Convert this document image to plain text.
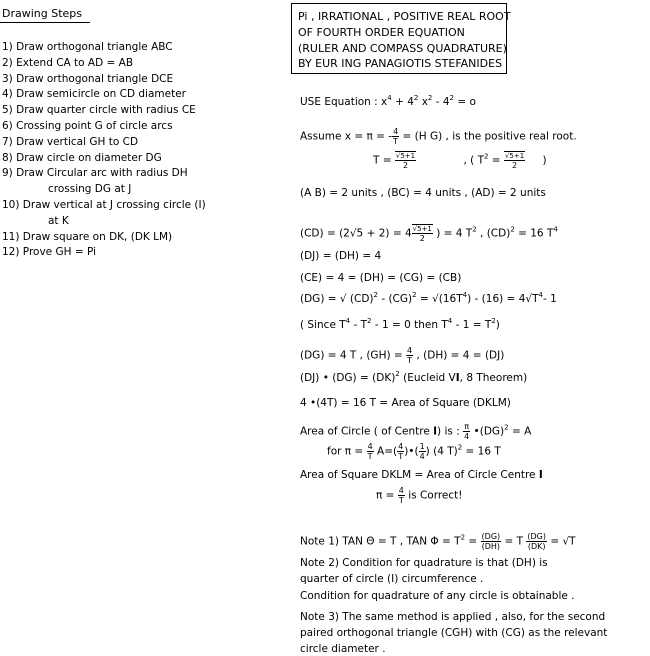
Drawing Steps
1) Draw orthogonal triangle ABC
2) Extend CA to AD = AB
3) Draw orthogonal triangle DCE
4) Draw semicircle on CD diameter
5) Draw quarter circle with radius CE
6) Crossing point G of circle arcs
7) Draw vertical GH to CD
8) Draw circle on diameter DG
9) Draw Circular arc with radius DH
crossing DG at J
10) Draw vertical at J crossing circle (I)
at K
11) Draw square on DK, (DK LM)
12) Prove GH = Pi
Pi , IRRATIONAL , POSITIVE REAL ROOT
OF FOURTH ORDER EQUATION
(RULER AND COMPASS QUADRATURE)
BY EUR ING PANAGIOTIS STEFANIDES
USE Equation : $x^4 + 4^2$ $x^2 - 4^2 = o$
Assume x = π = - $\frac{4}{T} = (H$ G) , is the positive real root.
$T = \frac{√5+1}{2}$	, ( $T^2 = \frac{√5+1}{2}$ )
(A B) = 2 units , (BC) = 4 units , (AD) = 2 units
$(CD) = (2√5 + 2) = 4 \frac{√5+1}{2}$ ) = 4 $T^2$ , (CD)$^2$ = 16 $T^4$
(DJ) = (DH) = 4
(CE) = 4 = (DH) = (CG) = (CB)
(DG) = √ $(CD)^2 - (CG)^2 = √(16T^4) - (16) = 4√T^4-$ 1
( Since $T^4 - T^2 - 1 = 0$ then $T^4 - 1 = T^2$)
(DG) = 4 T , $(GH) = \frac{4}{T}$ , (DH) = 4 = (DJ)
(DJ) • (DG) = (DK)$^2$ (Eucleid VI, 8 Theorem)
4 •(4T) = 16 T = Area of Square (DKLM)
Area of Circle ( of Centre I) is : $\frac{\pi}{4}$ •(DG)$^2$ = A
for $\pi = \frac{4}{T} A=( \frac{4}{T}$ )•( $\frac{1}{4}$ ) (4 T)$^2$ = 16 T
Area of Square DKLM = Area of Circle Centre I
$\pi = \frac{4}{T}$ is Correct!
Note 1) TAN Θ = T , TAN $\Phi = T^2 = \frac{(DG)}{(DH)} = T \frac{(DG)}{(DK)} = √T$
Note 2) Condition for quadrature is that (DH) is
quarter of circle (I) circumference .
Condition for quadrature of any circle is obtainable .
Note 3) The same method is applied , also, for the second
paired orthogonal triangle (CGH) with (CG) as the relevant
circle diameter .
